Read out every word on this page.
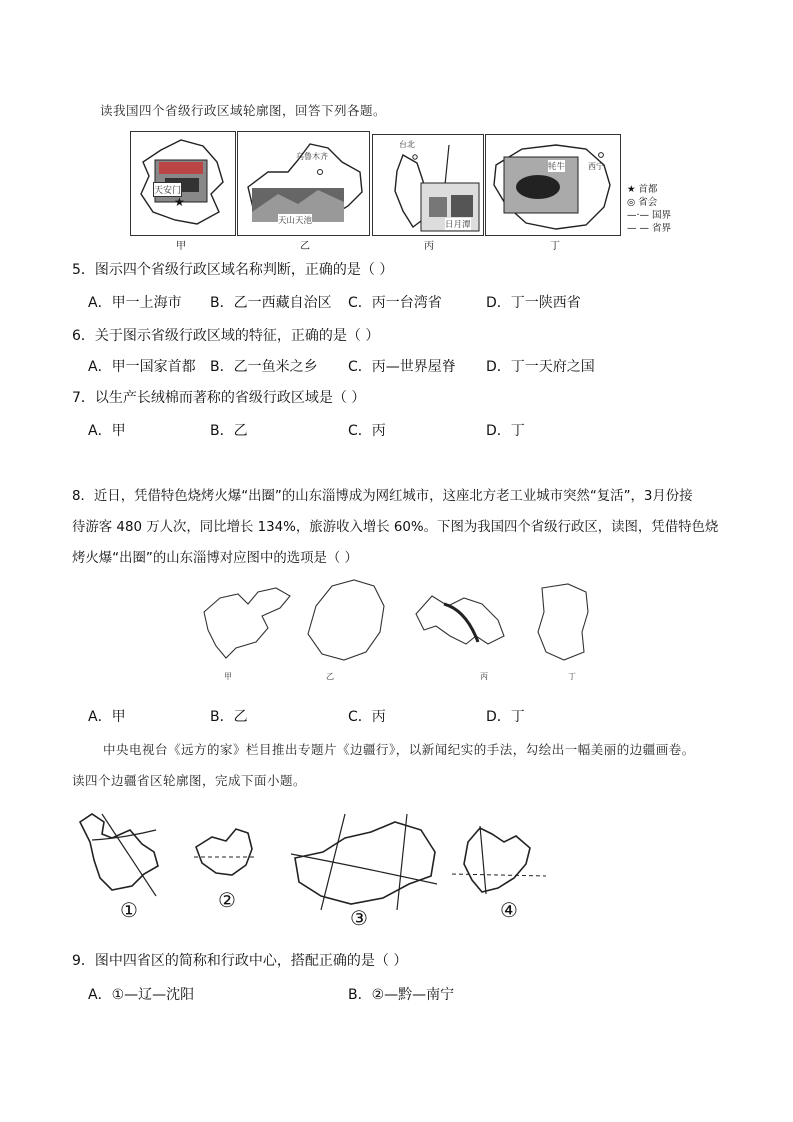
读我国四个省级行政区域轮廓图，回答下列各题。
天安门
★
甲
乌鲁木齐
天山天池
乙
台北
日月潭
丙
牦牛	西宁
丁
★ 首都
◎ 省会
—·— 国界
— — 省界
5．图示四个省级行政区域名称判断，正确的是（ ）
A．甲一上海市 B．乙一西藏自治区 C．丙一台湾省	D．丁一陕西省
6．关于图示省级行政区域的特征，正确的是（ ）
A．甲一国家首都 B．乙一鱼米之乡 C．丙—世界屋脊 D．丁一天府之国
7．以生产长绒棉而著称的省级行政区域是（ ）
A．甲	B．乙	C．丙	D．丁
8．近日，凭借特色烧烤火爆“出圈”的山东淄博成为网红城市，这座北方老工业城市突然“复活”，3月份接
待游客 480 万人次，同比增长 134%，旅游收入增长 60%。下图为我国四个省级行政区，读图，凭借特色烧
烤火爆“出圈”的山东淄博对应图中的选项是（ ）
甲	乙	丙	丁
A．甲	B．乙	C．丙	D．丁
中央电视台《远方的家》栏目推出专题片《边疆行》，以新闻纪实的手法，勾绘出一幅美丽的边疆画卷。
读四个边疆省区轮廓图，完成下面小题。
①	②
③	④
9．图中四省区的简称和行政中心，搭配正确的是（ ）
A．①—辽—沈阳	B．②—黔—南宁
